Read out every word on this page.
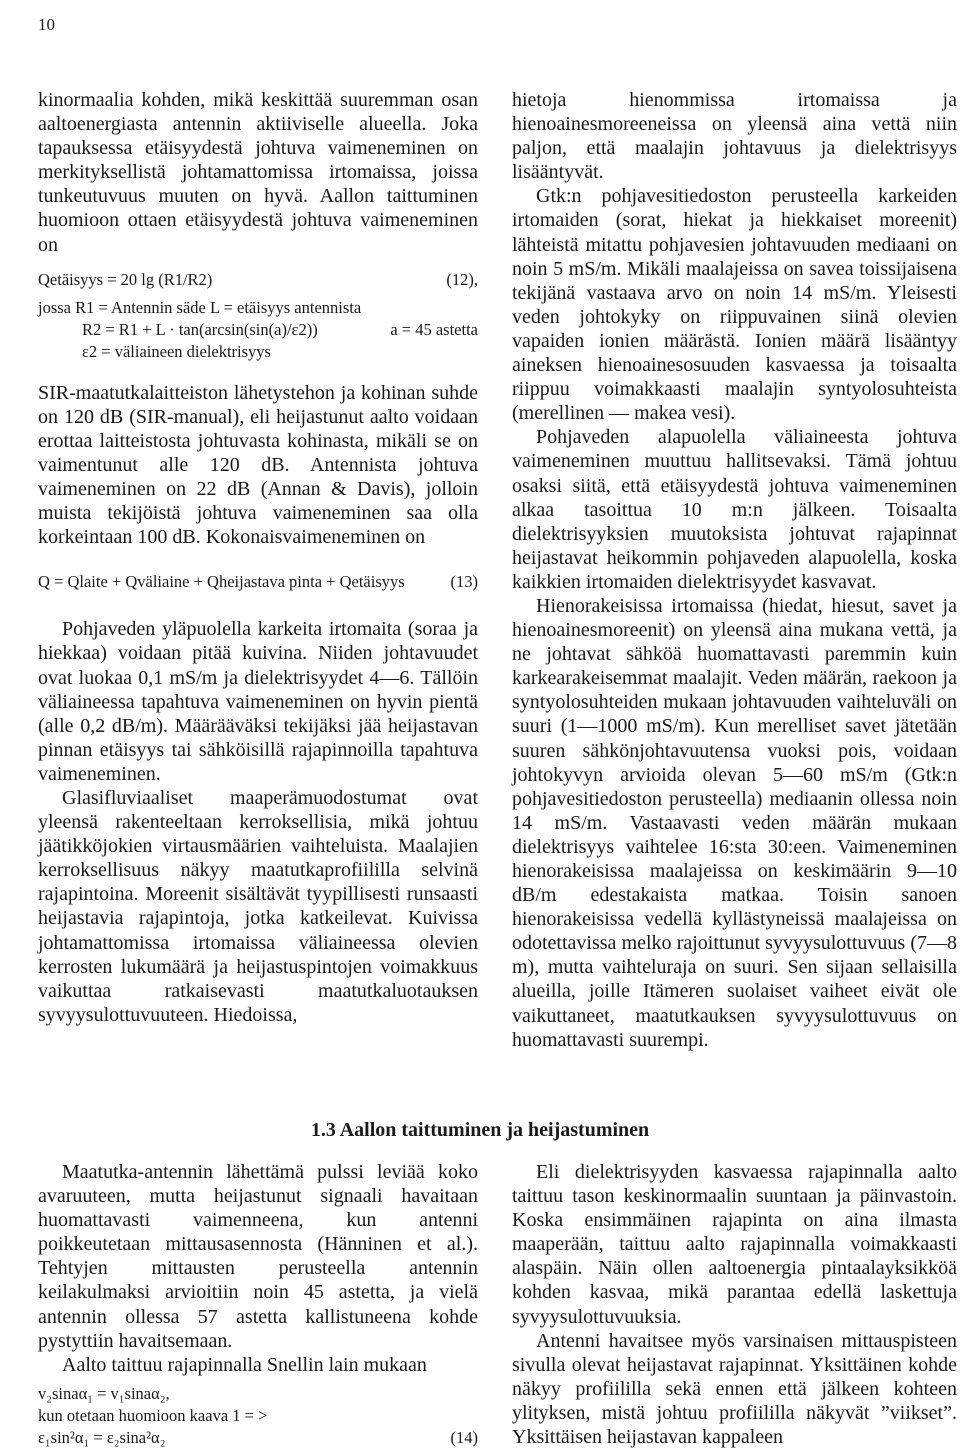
10

kinormaalia kohden, mikä keskittää suuremman osan aaltoenergiasta antennin aktiiviselle alueella. Joka tapauksessa etäisyydestä johtuva vaimeneminen on merkityksellistä johtamattomissa irtomaissa, joissa tunkeutuvuus muuten on hyvä. Aallon taittuminen huomioon ottaen etäisyydestä johtuva vaimeneminen on

Qetäisyys = 20 lg (R1/R2)	(12),
jossa R1 = Antennin säde L = etäisyys antennista
R2 = R1 + L · tan(arcsin(sin(a)/ε2))	a = 45 astetta
ε2 = väliaineen dielektrisyys

SIR-maatutkalaitteiston lähetystehon ja kohinan suhde on 120 dB (SIR-manual), eli heijastunut aalto voidaan erottaa laitteistosta johtuvasta kohinasta, mikäli se on vaimentunut alle 120 dB. Antennista johtuva vaimeneminen on 22 dB (Annan & Davis), jolloin muista tekijöistä johtuva vaimeneminen saa olla korkeintaan 100 dB. Kokonaisvaimeneminen on

Q = Qlaite + Qväliaine + Qheijastava pinta + Qetäisyys	(13)

Pohjaveden yläpuolella karkeita irtomaita (soraa ja hiekkaa) voidaan pitää kuivina. Niiden johtavuudet ovat luokaa 0,1 mS/m ja dielektrisyydet 4—6. Tällöin väliaineessa tapahtuva vaimeneminen on hyvin pientä (alle 0,2 dB/m). Määrääväksi tekijäksi jää heijastavan pinnan etäisyys tai sähköisillä rajapinnoilla tapahtuva vaimeneminen.

Glasifluviaaliset maaperämuodostumat ovat yleensä rakenteeltaan kerroksellisia, mikä johtuu jäätikköjokien virtausmäärien vaihteluista. Maalajien kerroksellisuus näkyy maatutkaprofiililla selvinä rajapintoina. Moreenit sisältävät tyypillisesti runsaasti heijastavia rajapintoja, jotka katkeilevat. Kuivissa johtamattomissa irtomaissa väliaineessa olevien kerrosten lukumäärä ja heijastuspintojen voimakkuus vaikuttaa ratkaisevasti maatutkaluotauksen syvyysulottuvuuteen. Hiedoissa,

hietoja hienommissa irtomaissa ja hienoainesmoreeneissa on yleensä aina vettä niin paljon, että maalajin johtavuus ja dielektrisyys lisääntyvät.

Gtk:n pohjavesitiedoston perusteella karkeiden irtomaiden (sorat, hiekat ja hiekkaiset moreenit) lähteistä mitattu pohjavesien johtavuuden mediaani on noin 5 mS/m. Mikäli maalajeissa on savea toissijaisena tekijänä vastaava arvo on noin 14 mS/m. Yleisesti veden johtokyky on riippuvainen siinä olevien vapaiden ionien määrästä. Ionien määrä lisääntyy aineksen hienoainesosuuden kasvaessa ja toisaalta riippuu voimakkaasti maalajin syntyolosuhteista (merellinen — makea vesi).

Pohjaveden alapuolella väliaineesta johtuva vaimeneminen muuttuu hallitsevaksi. Tämä johtuu osaksi siitä, että etäisyydestä johtuva vaimeneminen alkaa tasoittua 10 m:n jälkeen. Toisaalta dielektrisyyksien muutoksista johtuvat rajapinnat heijastavat heikommin pohjaveden alapuolella, koska kaikkien irtomaiden dielektrisyydet kasvavat.

Hienorakeisissa irtomaissa (hiedat, hiesut, savet ja hienoainesmoreenit) on yleensä aina mukana vettä, ja ne johtavat sähköä huomattavasti paremmin kuin karkearakeisemmat maalajit. Veden määrän, raekoon ja syntyolosuhteiden mukaan johtavuuden vaihteluväli on suuri (1—1000 mS/m). Kun merelliset savet jätetään suuren sähkönjohtavuutensa vuoksi pois, voidaan johtokyvyn arvioida olevan 5—60 mS/m (Gtk:n pohjavesitiedoston perusteella) mediaanin ollessa noin 14 mS/m. Vastaavasti veden määrän mukaan dielektrisyys vaihtelee 16:sta 30:een. Vaimeneminen hienorakeisissa maalajeissa on keskimäärin 9—10 dB/m edestakaista matkaa. Toisin sanoen hienorakeisissa vedellä kyllästyneissä maalajeissa on odotettavissa melko rajoittunut syvyysulottuvuus (7—8 m), mutta vaihteluraja on suuri. Sen sijaan sellaisilla alueilla, joille Itämeren suolaiset vaiheet eivät ole vaikuttaneet, maatutkauksen syvyysulottuvuus on huomattavasti suurempi.

1.3 Aallon taittuminen ja heijastuminen

Maatutka-antennin lähettämä pulssi leviää koko avaruuteen, mutta heijastunut signaali havaitaan huomattavasti vaimenneena, kun antenni poikkeutetaan mittausasennosta (Hänninen et al.). Tehtyjen mittausten perusteella antennin keilakulmaksi arvioitiin noin 45 astetta, ja vielä antennin ollessa 57 astetta kallistuneena kohde pystyttiin havaitsemaan.

Aalto taittuu rajapinnalla Snellin lain mukaan

v₂sinaα₁ = v₁sinaα₂,
kun otetaan huomioon kaava 1 = >
ε₁sin²α₁ = ε₂sina²α₂	(14)

Eli dielektrisyyden kasvaessa rajapinnalla aalto taittuu tason keskinormaalin suuntaan ja päinvastoin. Koska ensimmäinen rajapinta on aina ilmasta maaperään, taittuu aalto rajapinnalla voimakkaasti alaspäin. Näin ollen aaltoenergia pintaalayksikköä kohden kasvaa, mikä parantaa edellä laskettuja syvyysulottuvuuksia.

Antenni havaitsee myös varsinaisen mittauspisteen sivulla olevat heijastavat rajapinnat. Yksittäinen kohde näkyy profiililla sekä ennen että jälkeen kohteen ylityksen, mistä johtuu profiililla näkyvät ”viikset”. Yksittäisen heijastavan kappaleen
